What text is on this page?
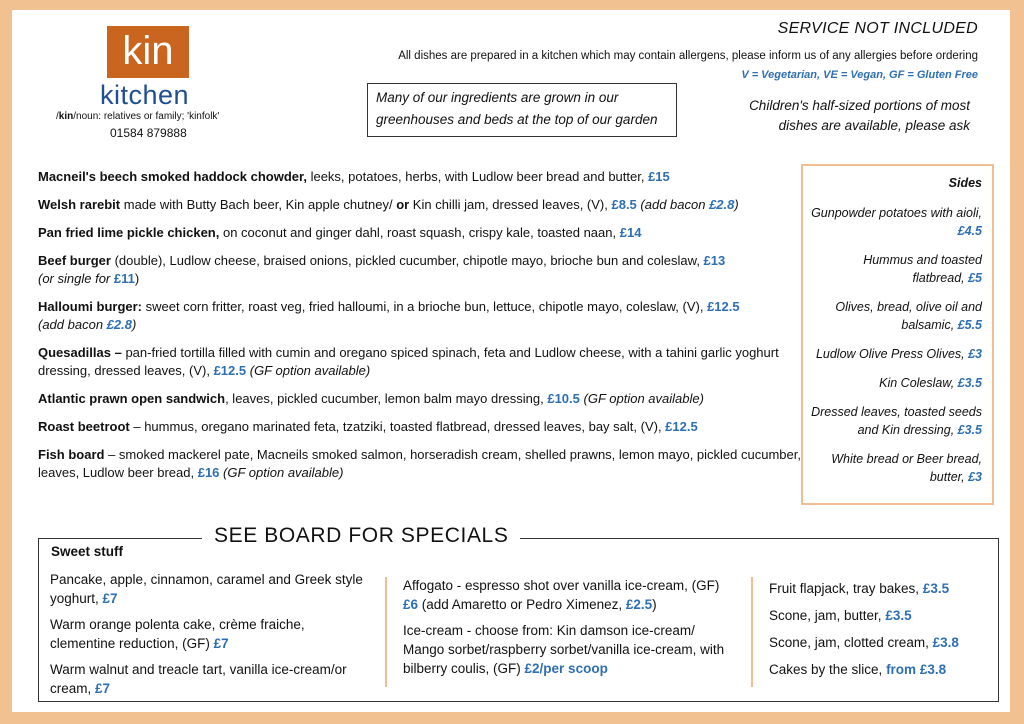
kin
kitchen
/kin/noun: relatives or family; 'kinfolk'
01584 879888
SERVICE NOT INCLUDED
All dishes are prepared in a kitchen which may contain allergens, please inform us of any allergies before ordering
V = Vegetarian, VE = Vegan, GF = Gluten Free
Many of our ingredients are grown in our greenhouses and beds at the top of our garden
Children's half-sized portions of most dishes are available, please ask

Macneil's beech smoked haddock chowder, leeks, potatoes, herbs, with Ludlow beer bread and butter, £15

Welsh rarebit made with Butty Bach beer, Kin apple chutney/ or Kin chilli jam, dressed leaves, (V), £8.5 (add bacon £2.8)

Pan fried lime pickle chicken, on coconut and ginger dahl, roast squash, crispy kale, toasted naan, £14

Beef burger (double), Ludlow cheese, braised onions, pickled cucumber, chipotle mayo, brioche bun and coleslaw, £13
(or single for £11)

Halloumi burger: sweet corn fritter, roast veg, fried halloumi, in a brioche bun, lettuce, chipotle mayo, coleslaw, (V), £12.5
(add bacon £2.8)

Quesadillas – pan-fried tortilla filled with cumin and oregano spiced spinach, feta and Ludlow cheese, with a tahini garlic yoghurt dressing, dressed leaves, (V), £12.5 (GF option available)

Atlantic prawn open sandwich, leaves, pickled cucumber, lemon balm mayo dressing, £10.5 (GF option available)

Roast beetroot – hummus, oregano marinated feta, tzatziki, toasted flatbread, dressed leaves, bay salt, (V), £12.5

Fish board – smoked mackerel pate, Macneils smoked salmon, horseradish cream, shelled prawns, lemon mayo, pickled cucumber, leaves, Ludlow beer bread, £16 (GF option available)

Sides
Gunpowder potatoes with aioli, £4.5
Hummus and toasted flatbread, £5
Olives, bread, olive oil and balsamic, £5.5
Ludlow Olive Press Olives, £3
Kin Coleslaw, £3.5
Dressed leaves, toasted seeds and Kin dressing, £3.5
White bread or Beer bread, butter, £3
Sweet stuff

Pancake, apple, cinnamon, caramel and Greek style yoghurt, £7

Warm orange polenta cake, crème fraiche, clementine reduction, (GF) £7

Warm walnut and treacle tart, vanilla ice-cream/or cream, £7

Affogato - espresso shot over vanilla ice-cream, (GF) £6 (add Amaretto or Pedro Ximenez, £2.5)

Ice-cream - choose from: Kin damson ice-cream/ Mango sorbet/raspberry sorbet/vanilla ice-cream, with bilberry coulis, (GF) £2/per scoop

Fruit flapjack, tray bakes, £3.5

Scone, jam, butter, £3.5

Scone, jam, clotted cream, £3.8

Cakes by the slice, from £3.8

SEE BOARD FOR SPECIALS
